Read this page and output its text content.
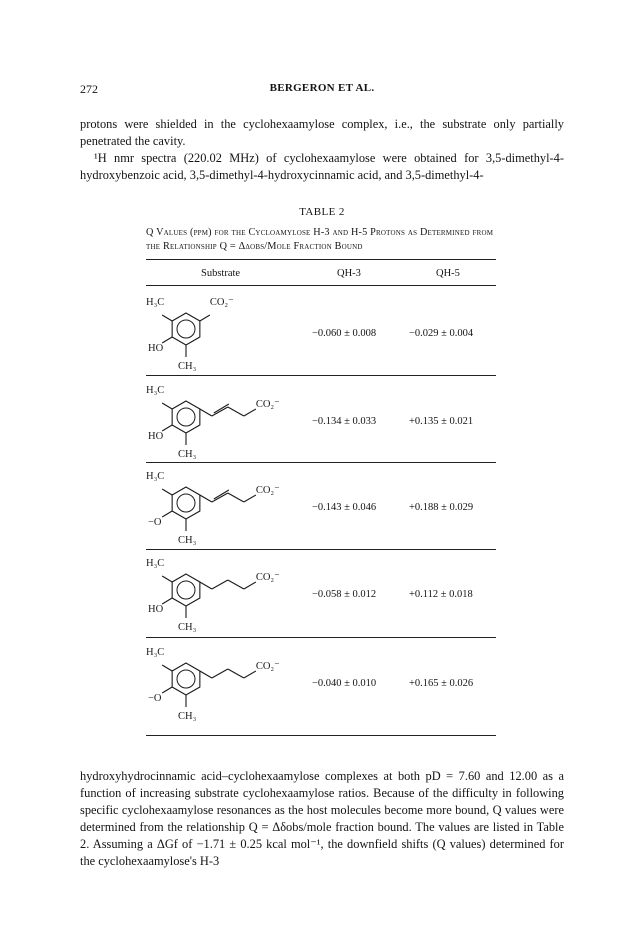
272	BERGERON ET AL.

protons were shielded in the cyclohexaamylose complex, i.e., the substrate only partially penetrated the cavity.

¹H nmr spectra (220.02 MHz) of cyclohexaamylose were obtained for 3,5-dimethyl-4-hydroxybenzoic acid, 3,5-dimethyl-4-hydroxycinnamic acid, and 3,5-dimethyl-4-

TABLE 2
Q Values (ppm) for the Cycloamylose H-3 and H-5 Protons as Determined from the Relationship Q = Δδobs/Mole Fraction Bound
Substrate	QH-3	QH-5
H₃C
HO
CH₃
CO₂⁻
−0.060 ± 0.008	−0.029 ± 0.004
H₃C
HO
CH₃
CO₂⁻
−0.134 ± 0.033	+0.135 ± 0.021
H₃C
−O
CH₃
CO₂⁻
−0.143 ± 0.046	+0.188 ± 0.029
H₃C
HO
CH₃
CO₂⁻
−0.058 ± 0.012	+0.112 ± 0.018
H₃C
−O
CH₃
CO₂⁻
−0.040 ± 0.010	+0.165 ± 0.026

hydroxyhydrocinnamic acid–cyclohexaamylose complexes at both pD = 7.60 and 12.00 as a function of increasing substrate cyclohexaamylose ratios. Because of the difficulty in following specific cyclohexaamylose resonances as the host molecules become more bound, Q values were determined from the relationship Q = Δδobs/mole fraction bound. The values are listed in Table 2. Assuming a ΔGf of −1.71 ± 0.25 kcal mol⁻¹, the downfield shifts (Q values) determined for the cyclohexaamylose's H-3
